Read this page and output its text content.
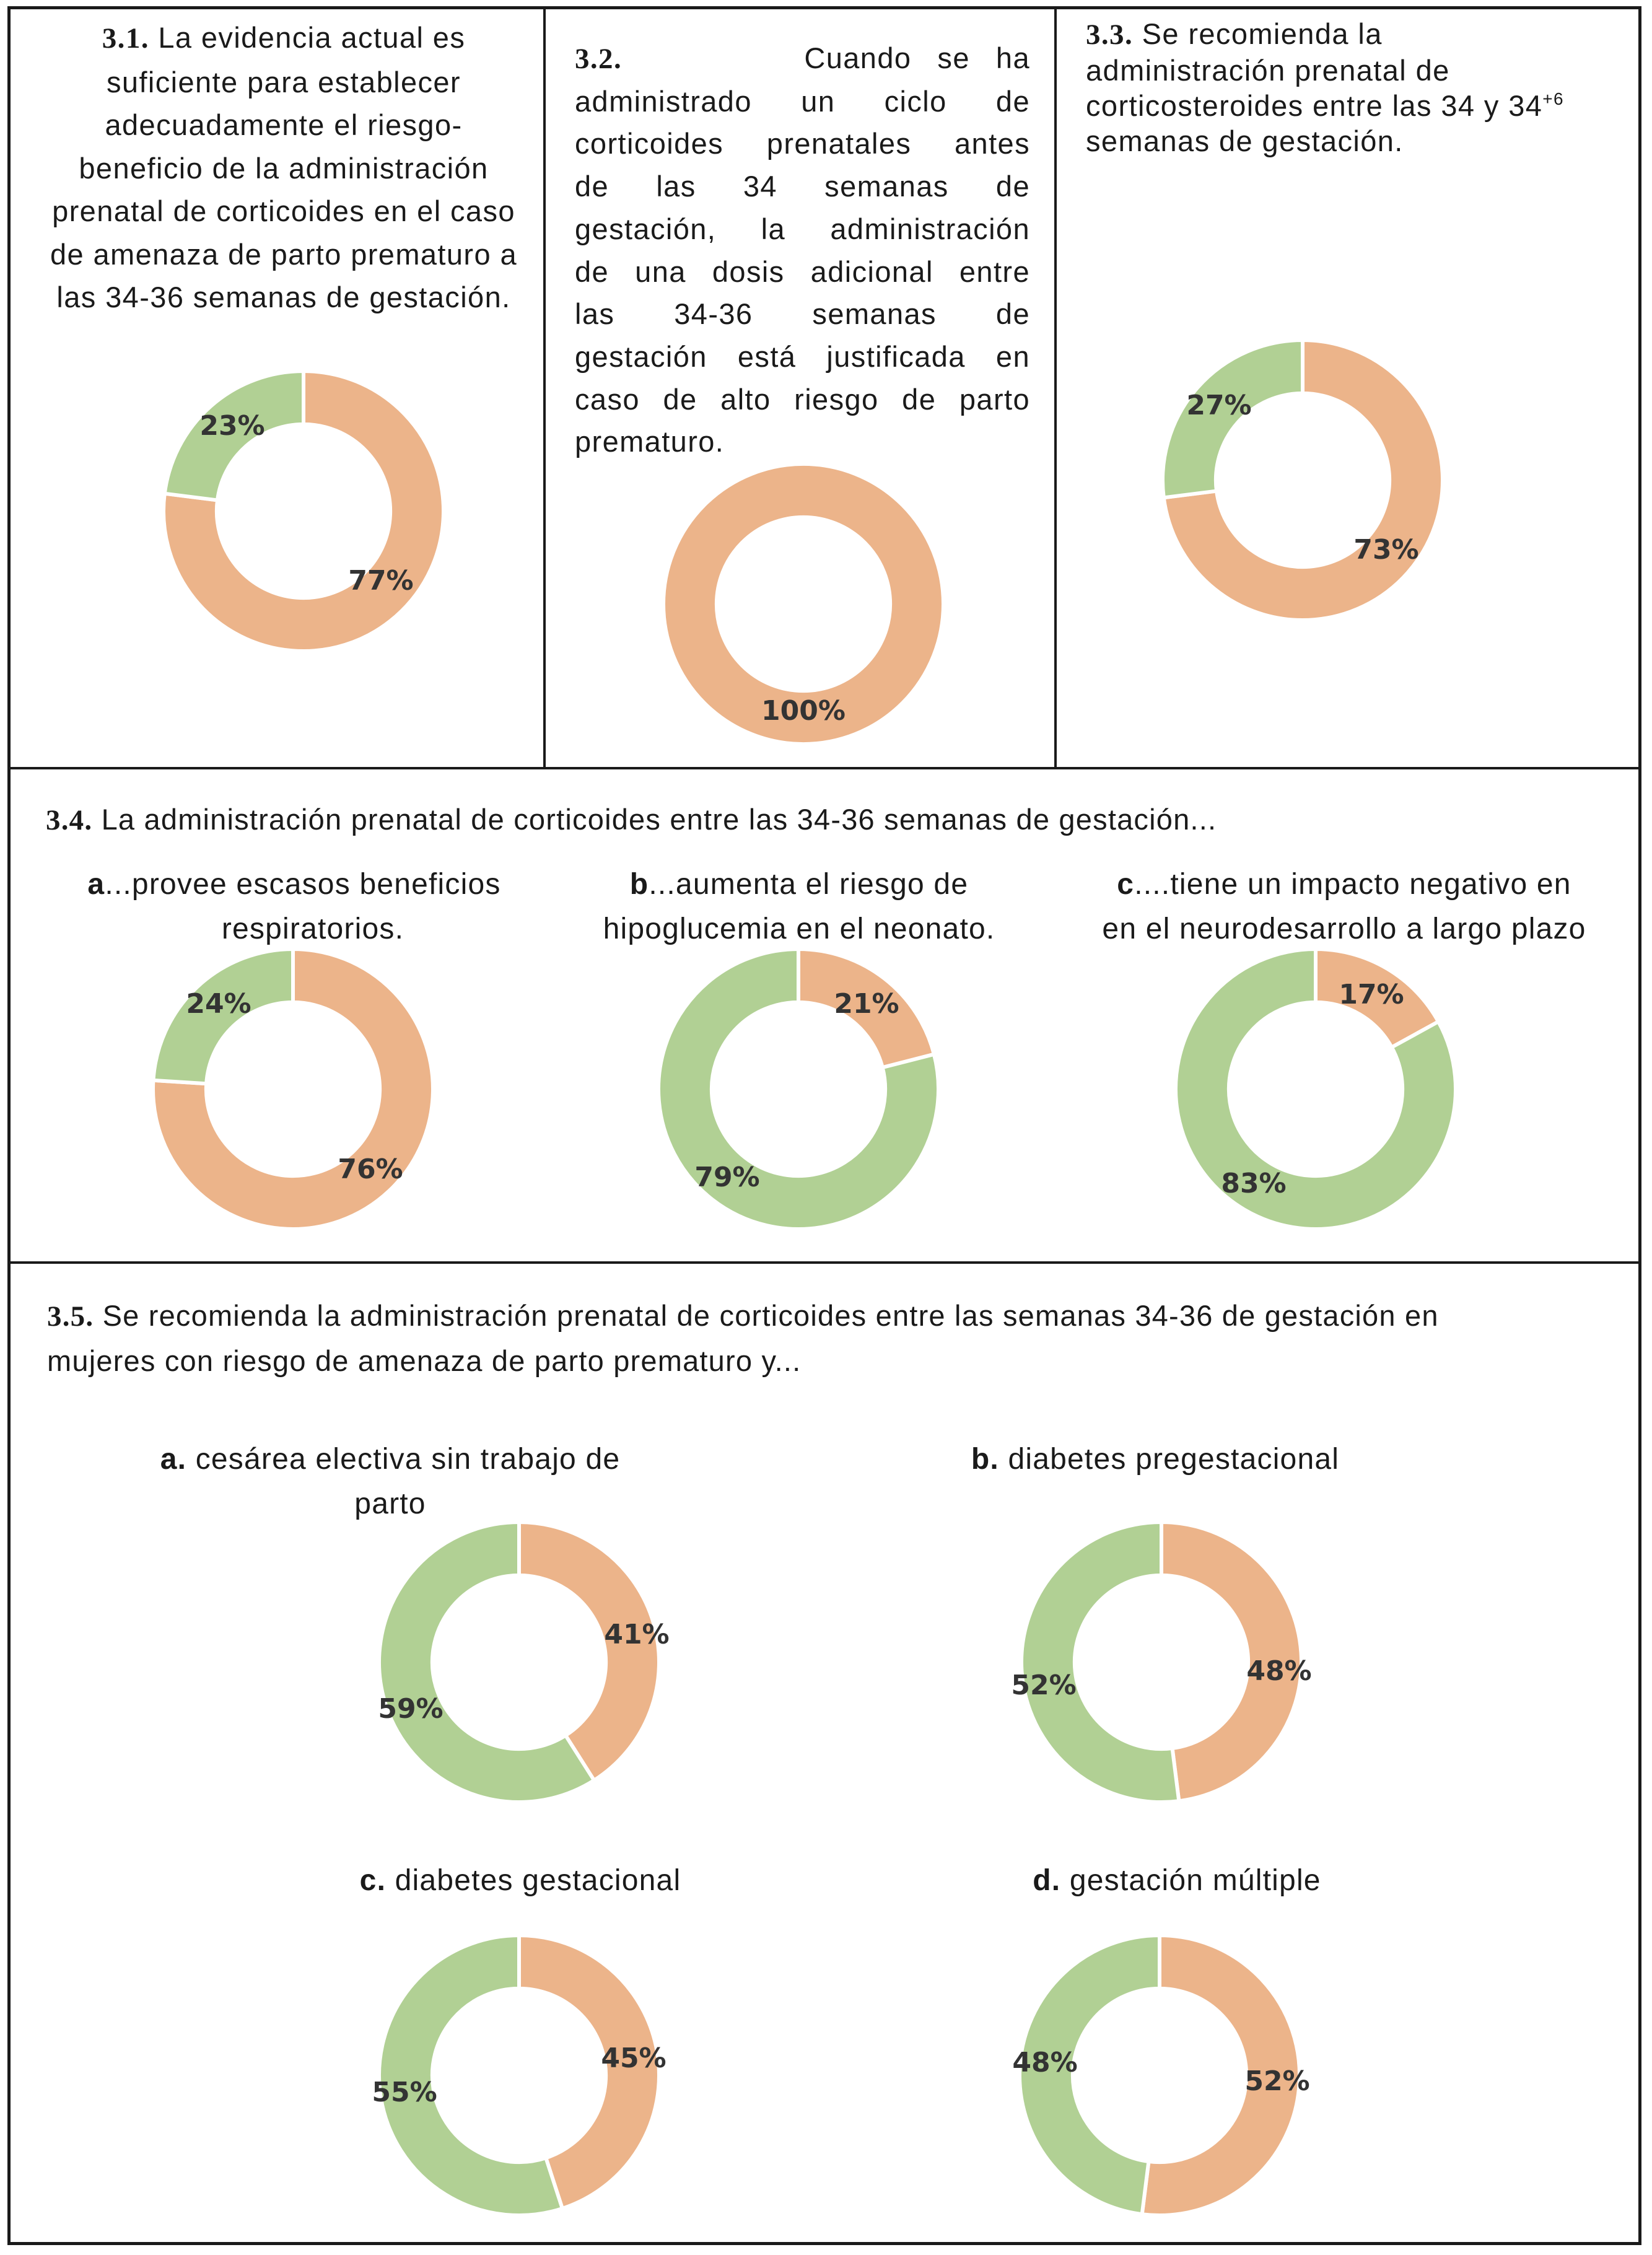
3.1. La evidencia actual es
suficiente para establecer
adecuadamente el riesgo-
beneficio de la administración
prenatal de corticoides en el caso
de amenaza de parto prematuro a
las 34-36 semanas de gestación.
3.2.	Cuando se ha
administrado un ciclo de
corticoides prenatales antes
de las 34 semanas de
gestación, la administración
de una dosis adicional entre
las 34-36 semanas de
gestación está justificada en
caso de alto riesgo de parto
prematuro.
3.3. Se recomienda la
administración prenatal de
corticosteroides entre las 34 y $34^{+6}$
semanas de gestación.
3.4. La administración prenatal de corticoides entre las 34-36 semanas de gestación...
a...provee escasos beneficios
respiratorios.
b...aumenta el riesgo de
hipoglucemia en el neonato.
c....tiene un impacto negativo en
en el neurodesarrollo a largo plazo
3.5. Se recomienda la administración prenatal de corticoides entre las semanas 34-36 de gestación en
mujeres con riesgo de amenaza de parto prematuro y...
a. cesárea electiva sin trabajo de parto
b. diabetes pregestacional
c. diabetes gestacional	d. gestación múltiple
77%
23%
100%
73%
27%
76%
24%	21%
79%
17%
83%
41%
59%
48%
52%
45%
55%	52%
48%
